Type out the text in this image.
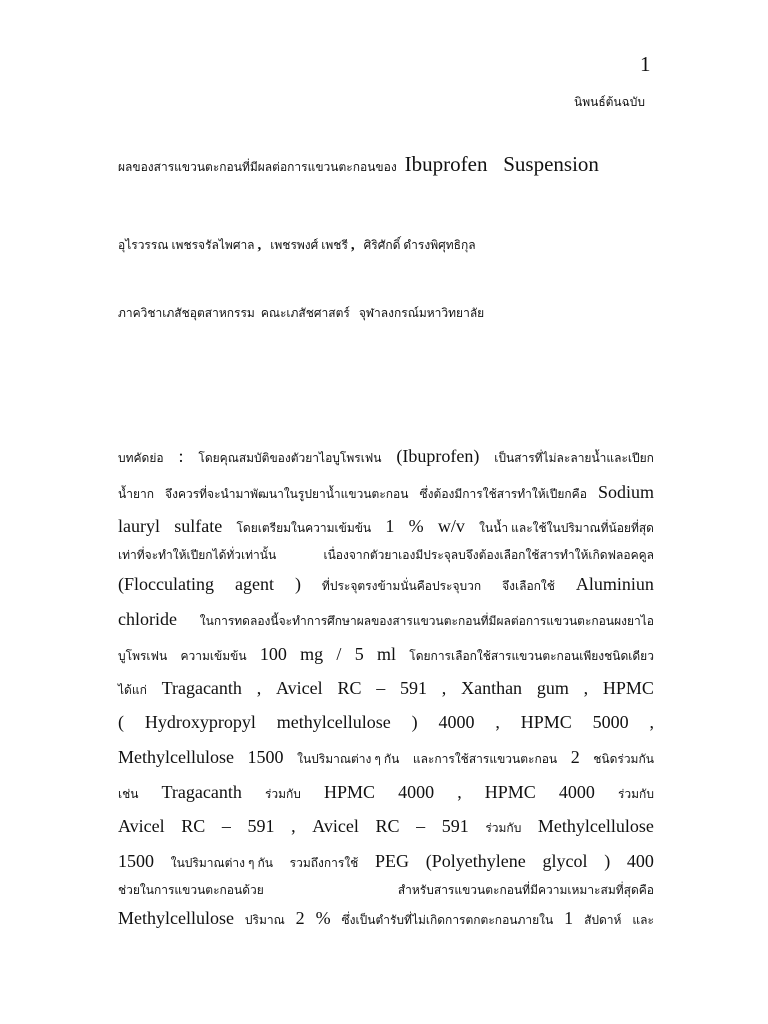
1
นิพนธ์ต้นฉบับ
ผลของสารแขวนตะกอนที่มีผลต่อการแขวนตะกอนของ Ibuprofen   Suspension
อุไรวรรณ เพชรจรัลไพศาล , เพชรพงศ์ เพชรี , ศิริศักดิ์ ดำรงพิศุทธิกุล
ภาควิชาเภสัชอุตสาหกรรม  คณะเภสัชศาสตร์   จุฬาลงกรณ์มหาวิทยาลัย
บทคัดย่อ : โดยคุณสมบัติของตัวยาไอบูโพรเฟน (Ibuprofen) เป็นสารที่ไม่ละลายน้ำและเปียก
น้ำยาก จึงควรที่จะนำมาพัฒนาในรูปยาน้ำแขวนตะกอน ซึ่งต้องมีการใช้สารทำให้เปียกคือ Sodium
lauryl sulfate โดยเตรียมในความเข้มข้น 1 % w/v ในน้ำ และใช้ในปริมาณที่น้อยที่สุด
เท่าที่จะทำให้เปียกได้ทั่วเท่านั้น	เนื่องจากตัวยาเองมีประจุลบจึงต้องเลือกใช้สารทำให้เกิดฟลอคคูล
(Flocculating agent ) ที่ประจุตรงข้ามนั่นคือประจุบวก จึงเลือกใช้ Aluminiun
chloride ในการทดลองนี้จะทำการศึกษาผลของสารแขวนตะกอนที่มีผลต่อการแขวนตะกอนผงยาไอ
บูโพรเฟน ความเข้มข้น 100 mg / 5 ml โดยการเลือกใช้สารแขวนตะกอนเพียงชนิดเดียว
ได้แก่ Tragacanth , Avicel RC – 591 , Xanthan gum , HPMC
( Hydroxypropyl methylcellulose ) 4000 , HPMC 5000 ,
Methylcellulose 1500 ในปริมาณต่าง ๆ กัน และการใช้สารแขวนตะกอน 2 ชนิดร่วมกัน
เช่น Tragacanth ร่วมกับ HPMC 4000 , HPMC 4000 ร่วมกับ
Avicel RC – 591 , Avicel RC – 591 ร่วมกับ Methylcellulose
1500 ในปริมาณต่าง ๆ กัน รวมถึงการใช้ PEG (Polyethylene glycol ) 400
ช่วยในการแขวนตะกอนด้วย	สำหรับสารแขวนตะกอนที่มีความเหมาะสมที่สุดคือ
Methylcellulose ปริมาณ 2 % ซึ่งเป็นตำรับที่ไม่เกิดการตกตะกอนภายใน 1 สัปดาห์ และ
